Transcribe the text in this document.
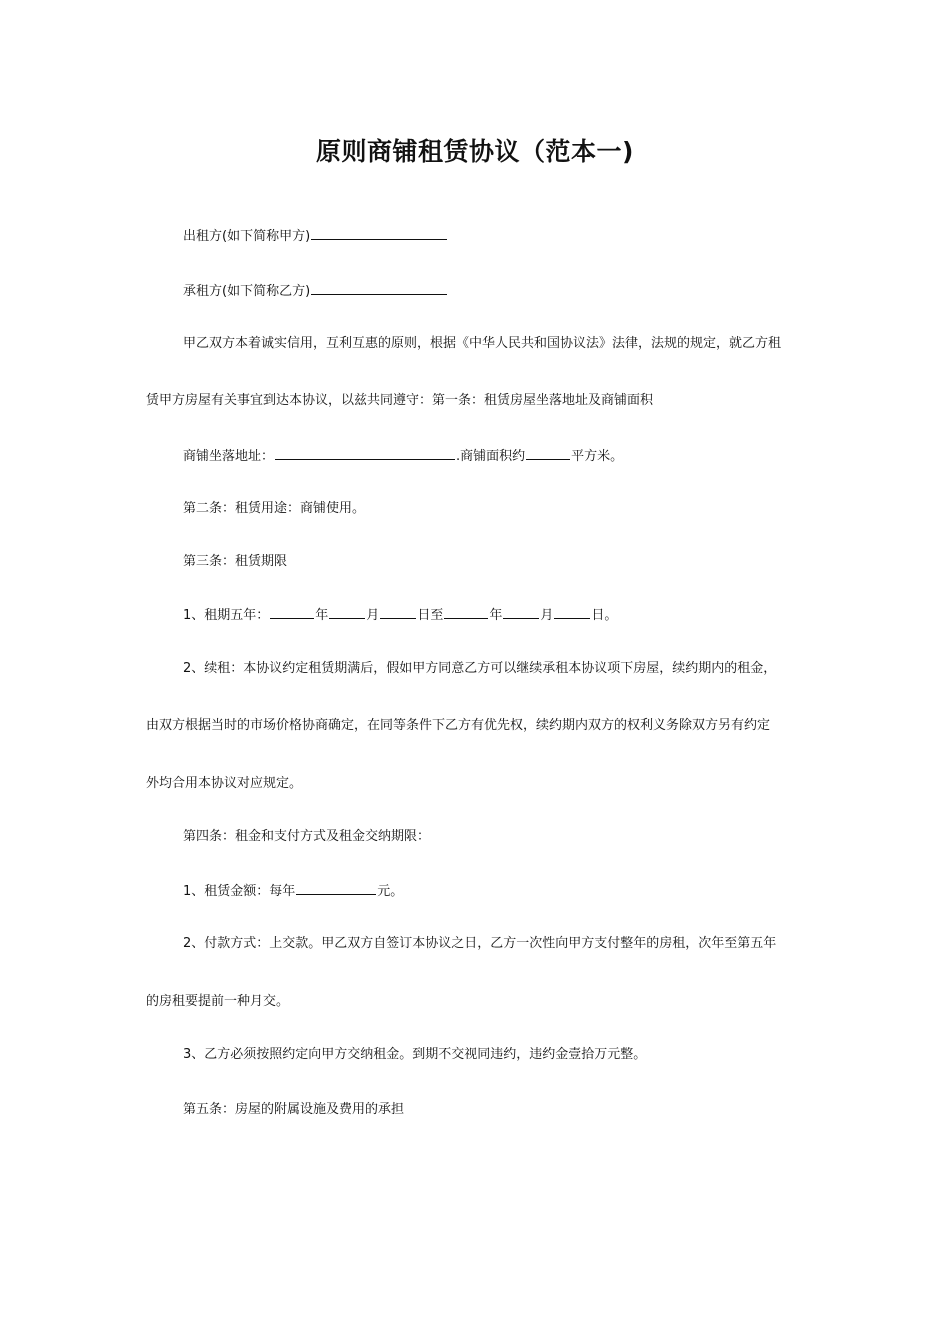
原则商铺租赁协议（范本一)
出租方(如下简称甲方)
承租方(如下简称乙方)
甲乙双方本着诚实信用，互利互惠的原则，根据《中华人民共和国协议法》法律，法规的规定，就乙方租
赁甲方房屋有关事宜到达本协议，以兹共同遵守：第一条：租赁房屋坐落地址及商铺面积
商铺坐落地址：	.商铺面积约	平方米。
第二条：租赁用途：商铺使用。
第三条：租赁期限
1、租期五年：	年	月	日至	年	月	日。
2、续租：本协议约定租赁期满后，假如甲方同意乙方可以继续承租本协议项下房屋，续约期内的租金，
由双方根据当时的市场价格协商确定，在同等条件下乙方有优先权，续约期内双方的权利义务除双方另有约定
外均合用本协议对应规定。
第四条：租金和支付方式及租金交纳期限：
1、租赁金额：每年	元。
2、付款方式：上交款。甲乙双方自签订本协议之日，乙方一次性向甲方支付整年的房租，次年至第五年
的房租要提前一种月交。
3、乙方必须按照约定向甲方交纳租金。到期不交视同违约，违约金壹拾万元整。
第五条：房屋的附属设施及费用的承担
